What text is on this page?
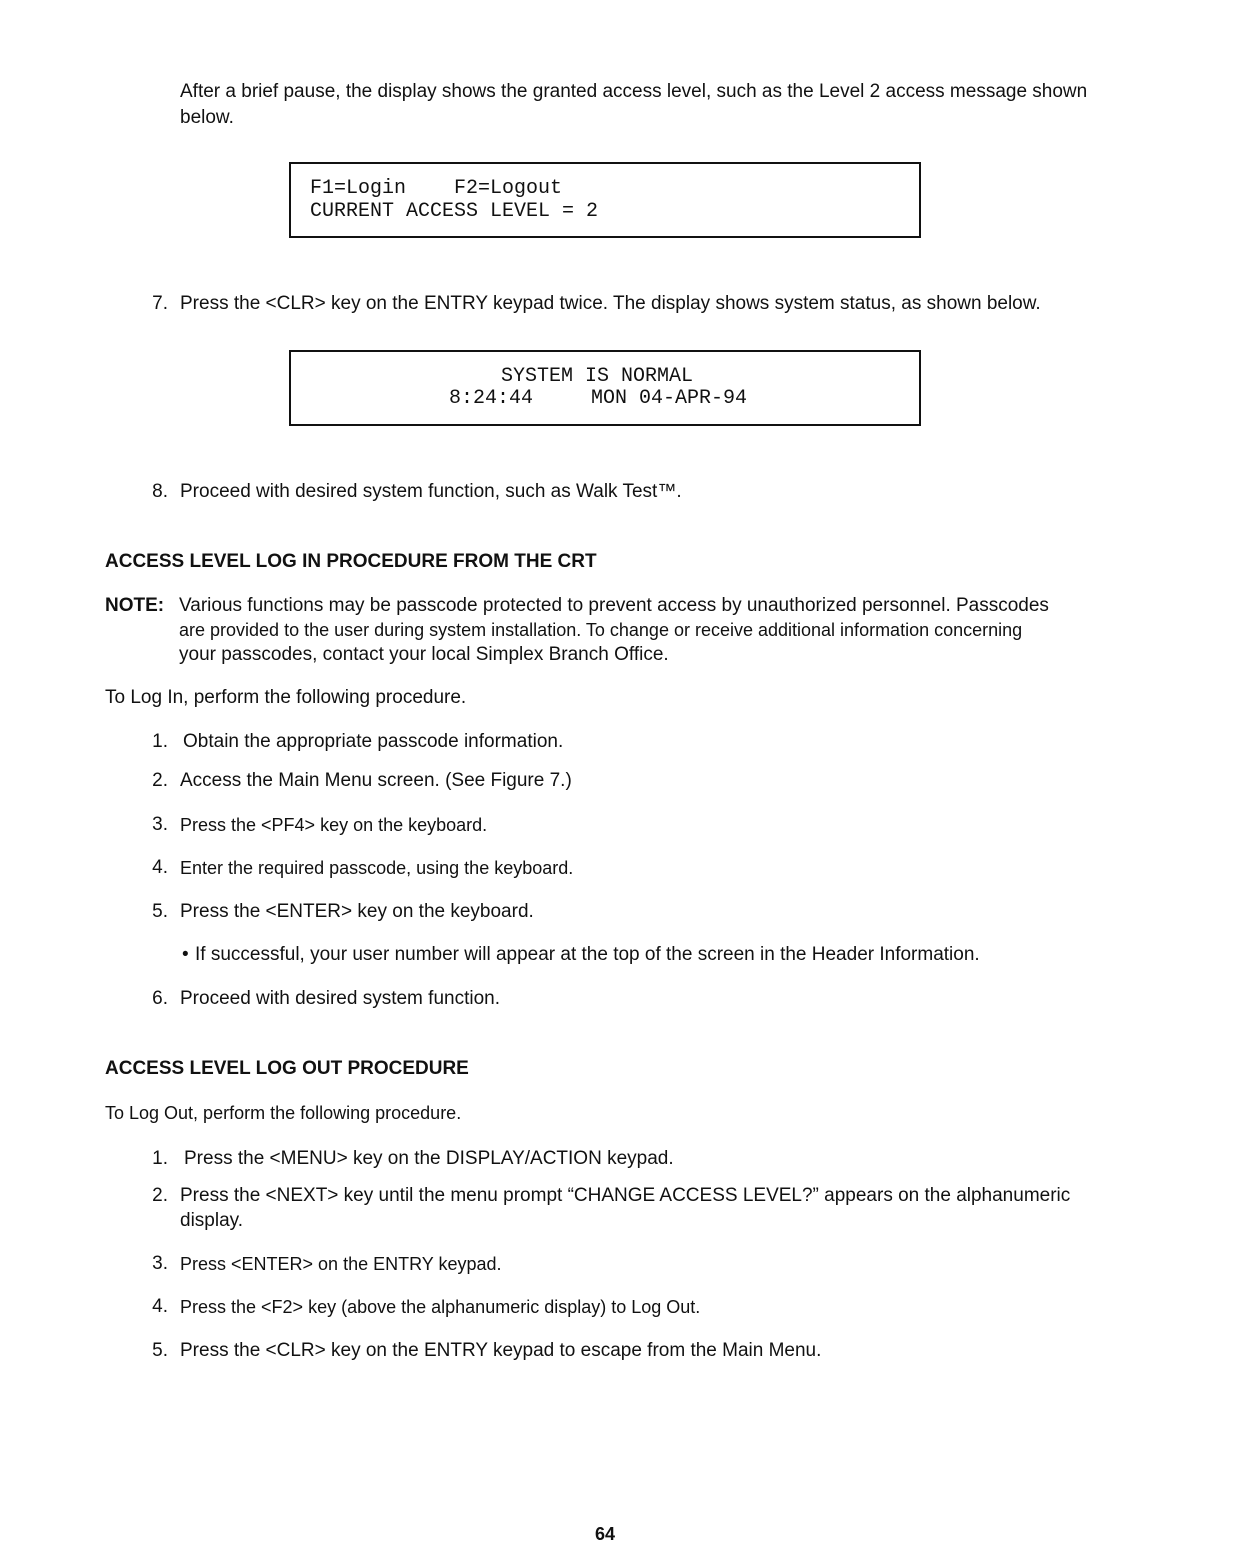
After a brief pause, the display shows the granted access level, such as the Level 2 access message shown
below.

F1=Login    F2=Logout

CURRENT ACCESS LEVEL = 2

7. Press the <CLR> key on the ENTRY keypad twice. The display shows system status, as shown below.

SYSTEM IS NORMAL

8:24:44

	MON 04-APR-94

8. Proceed with desired system function, such as Walk Test™.
ACCESS LEVEL LOG IN PROCEDURE FROM THE CRT
NOTE: Various functions may be passcode protected to prevent access by unauthorized personnel. Passcodes
are provided to the user during system installation. To change or receive additional information concerning
your passcodes, contact your local Simplex Branch Office.
To Log In, perform the following procedure.
1. Obtain the appropriate passcode information.
2. Access the Main Menu screen. (See Figure 7.)
3. Press the <PF4> key on the keyboard.
4. Enter the required passcode, using the keyboard.
5. Press the <ENTER> key on the keyboard.
• If successful, your user number will appear at the top of the screen in the Header Information.
6. Proceed with desired system function.
ACCESS LEVEL LOG OUT PROCEDURE
To Log Out, perform the following procedure.
1. Press the <MENU> key on the DISPLAY/ACTION keypad.
2. Press the <NEXT> key until the menu prompt “CHANGE ACCESS LEVEL?” appears on the alphanumeric
display.
3. Press <ENTER> on the ENTRY keypad.
4. Press the <F2> key (above the alphanumeric display) to Log Out.
5. Press the <CLR> key on the ENTRY keypad to escape from the Main Menu.
64
